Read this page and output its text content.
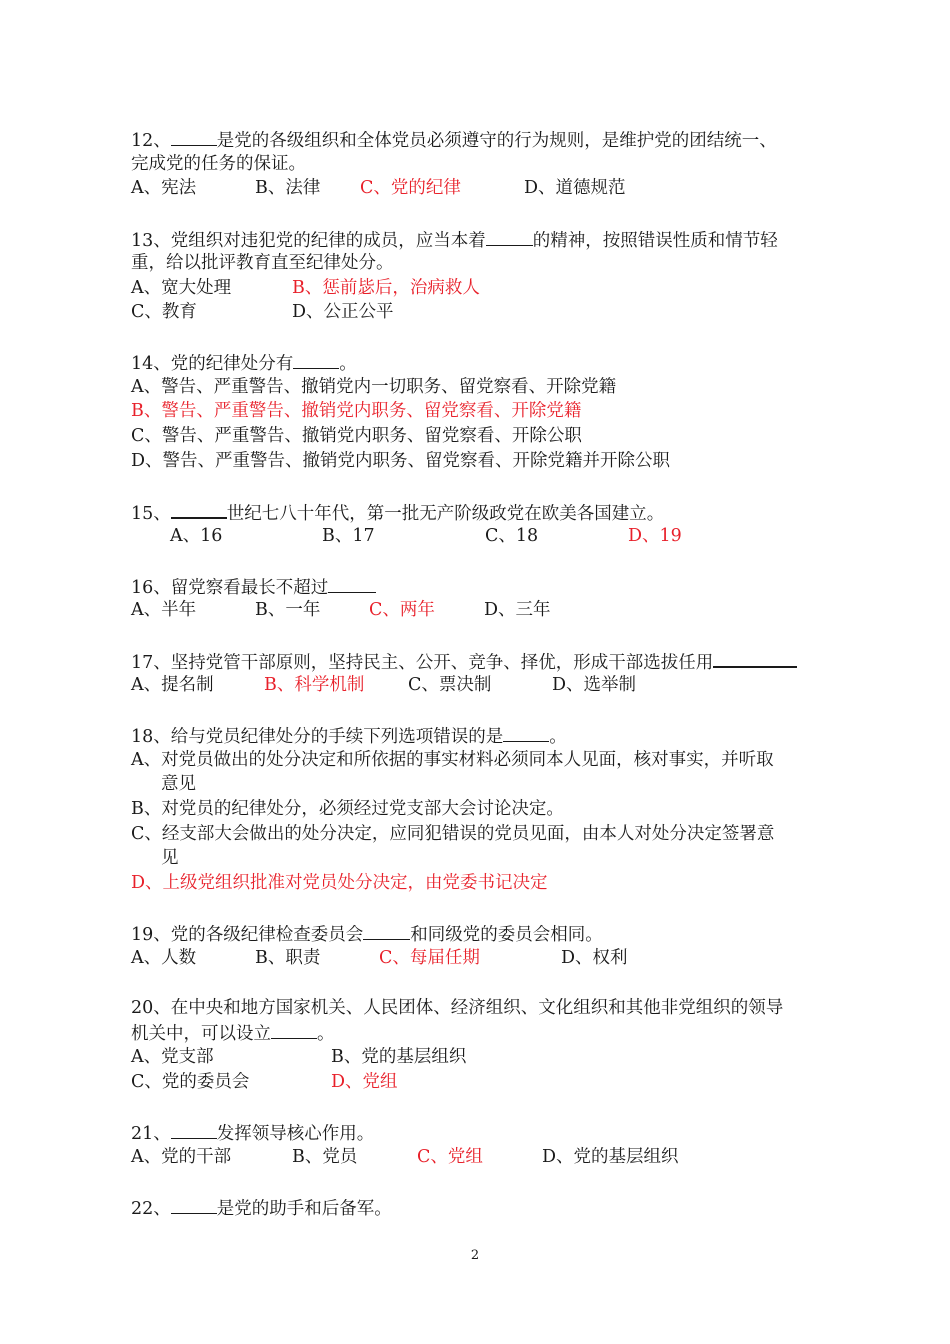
12、	是党的各级组织和全体党员必须遵守的行为规则，是维护党的团结统一、
完成党的任务的保证。
A、宪法	B、法律 C、党的纪律	D、道德规范
13、党组织对违犯党的纪律的成员，应当本着	的精神，按照错误性质和情节轻
重，给以批评教育直至纪律处分。
A、宽大处理	B、惩前毖后，治病救人
C、教育	D、公正公平
14、党的纪律处分有	。
A、警告、严重警告、撤销党内一切职务、留党察看、开除党籍
B、警告、严重警告、撤销党内职务、留党察看、开除党籍
C、警告、严重警告、撤销党内职务、留党察看、开除公职
D、警告、严重警告、撤销党内职务、留党察看、开除党籍并开除公职
15、	世纪七八十年代，第一批无产阶级政党在欧美各国建立。
A、16	B、17	C、18	D、19
16、留党察看最长不超过
A、半年	B、一年	C、两年	D、三年
17、坚持党管干部原则，坚持民主、公开、竞争、择优，形成干部选拔任用
A、提名制	B、科学机制 C、票决制	D、选举制
18、给与党员纪律处分的手续下列选项错误的是	。
A、对党员做出的处分决定和所依据的事实材料必须同本人见面，核对事实，并听取
意见
B、对党员的纪律处分，必须经过党支部大会讨论决定。
C、经支部大会做出的处分决定，应同犯错误的党员见面，由本人对处分决定签署意
见
D、上级党组织批准对党员处分决定，由党委书记决定
19、党的各级纪律检查委员会	和同级党的委员会相同。
A、人数	B、职责	C、每届任期	D、权利
20、在中央和地方国家机关、人民团体、经济组织、文化组织和其他非党组织的领导
机关中，可以设立	。
A、党支部	B、党的基层组织
C、党的委员会	D、党组
21、	发挥领导核心作用。
A、党的干部	B、党员	C、党组	D、党的基层组织
22、	是党的助手和后备军。
2
